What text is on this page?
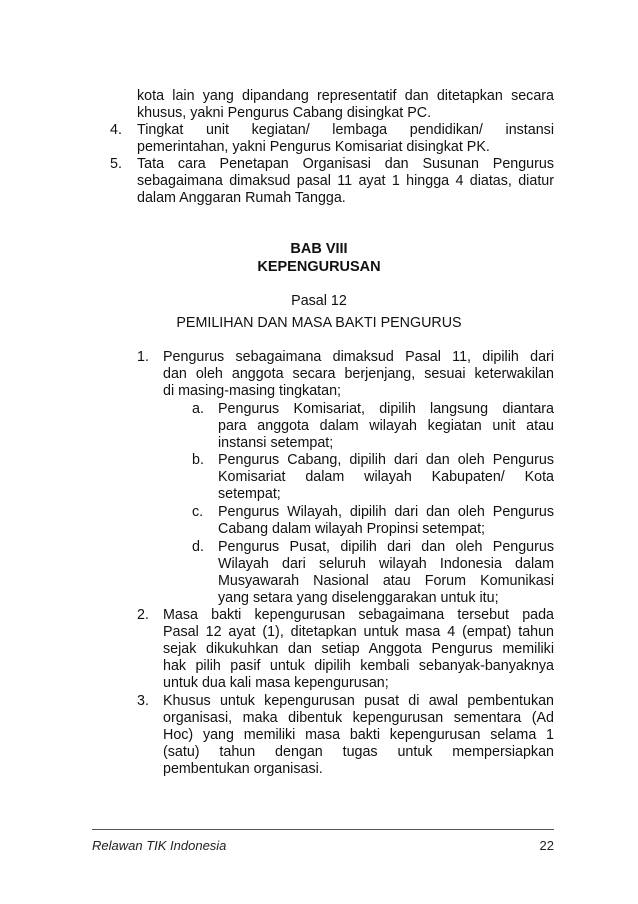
kota lain yang dipandang representatif dan ditetapkan secara
khusus, yakni Pengurus Cabang disingkat PC.
4. Tingkat unit kegiatan/ lembaga pendidikan/ instansi
pemerintahan, yakni Pengurus Komisariat disingkat PK.
5. Tata cara Penetapan Organisasi dan Susunan Pengurus
sebagaimana dimaksud pasal 11 ayat 1 hingga 4 diatas, diatur
dalam Anggaran Rumah Tangga.
BAB VIII
KEPENGURUSAN
Pasal 12
PEMILIHAN DAN MASA BAKTI PENGURUS
1. Pengurus sebagaimana dimaksud Pasal 11, dipilih dari
dan oleh anggota secara berjenjang, sesuai keterwakilan
di masing-masing tingkatan;
a. Pengurus Komisariat, dipilih langsung diantara
para anggota dalam wilayah kegiatan unit atau
instansi setempat;
b. Pengurus Cabang, dipilih dari dan oleh Pengurus
Komisariat dalam wilayah Kabupaten/ Kota
setempat;
c. Pengurus Wilayah, dipilih dari dan oleh Pengurus
Cabang dalam wilayah Propinsi setempat;
d. Pengurus Pusat, dipilih dari dan oleh Pengurus
Wilayah dari seluruh wilayah Indonesia dalam
Musyawarah Nasional atau Forum Komunikasi
yang setara yang diselenggarakan untuk itu;
2. Masa bakti kepengurusan sebagaimana tersebut pada
Pasal 12 ayat (1), ditetapkan untuk masa 4 (empat) tahun
sejak dikukuhkan dan setiap Anggota Pengurus memiliki
hak pilih pasif untuk dipilih kembali sebanyak-banyaknya
untuk dua kali masa kepengurusan;
3. Khusus untuk kepengurusan pusat di awal pembentukan
organisasi, maka dibentuk kepengurusan sementara (Ad
Hoc) yang memiliki masa bakti kepengurusan selama 1
(satu) tahun dengan tugas untuk mempersiapkan
pembentukan organisasi.
Relawan TIK Indonesia	22
